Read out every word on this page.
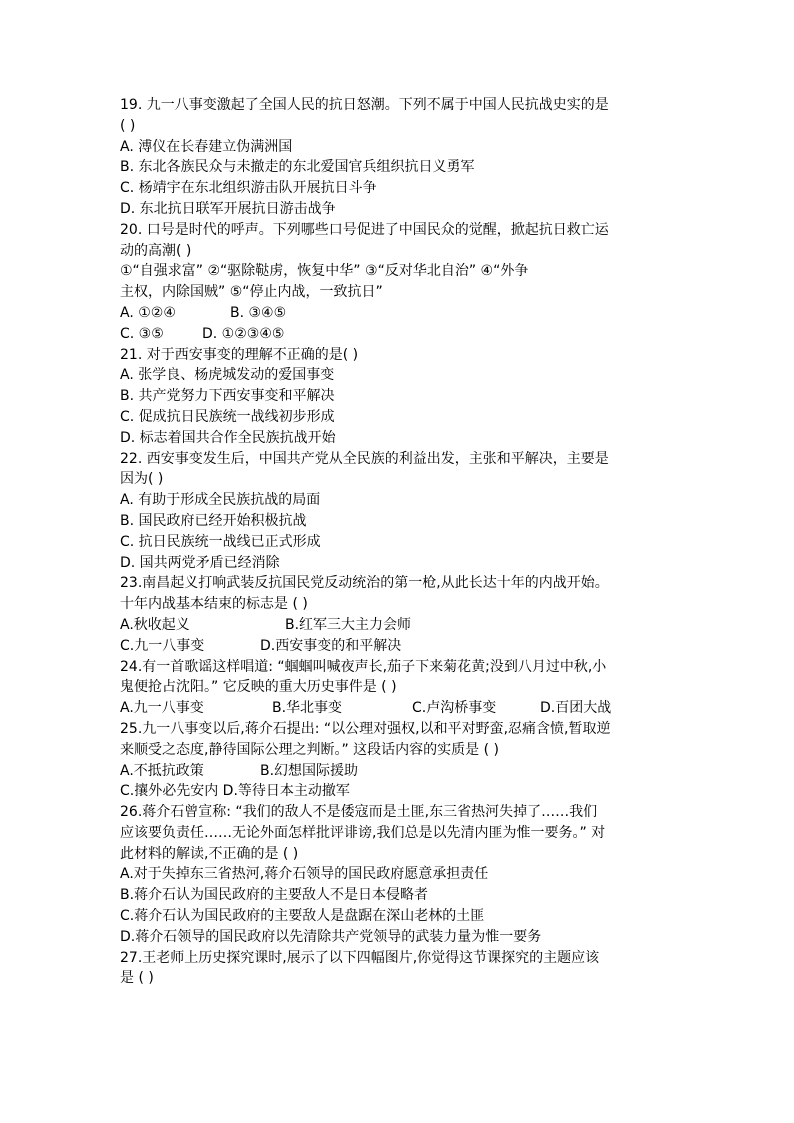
19. 九一八事变激起了全国人民的抗日怒潮。下列不属于中国人民抗战史实的是
( )
A. 溥仪在长春建立伪满洲国
B. 东北各族民众与未撤走的东北爱国官兵组织抗日义勇军
C. 杨靖宇在东北组织游击队开展抗日斗争
D. 东北抗日联军开展抗日游击战争
20. 口号是时代的呼声。下列哪些口号促进了中国民众的觉醒，掀起抗日救亡运
动的高潮( )
①“自强求富” ②“驱除鞑虏，恢复中华” ③“反对华北自治” ④“外争
主权，内除国贼” ⑤“停止内战，一致抗日”
A. ①②④	B. ③④⑤
C. ③⑤	D. ①②③④⑤
21. 对于西安事变的理解不正确的是( )
A. 张学良、杨虎城发动的爱国事变
B. 共产党努力下西安事变和平解决
C. 促成抗日民族统一战线初步形成
D. 标志着国共合作全民族抗战开始
22. 西安事变发生后，中国共产党从全民族的利益出发，主张和平解决，主要是
因为( )
A. 有助于形成全民族抗战的局面
B. 国民政府已经开始积极抗战
C. 抗日民族统一战线已正式形成
D. 国共两党矛盾已经消除
23.南昌起义打响武装反抗国民党反动统治的第一枪,从此长达十年的内战开始。
十年内战基本结束的标志是 ( )
A.秋收起义	B.红军三大主力会师
C.九一八事变	D.西安事变的和平解决
24.有一首歌谣这样唱道: “蝈蝈叫喊夜声长,茄子下来菊花黄;没到八月过中秋,小
鬼便抢占沈阳。” 它反映的重大历史事件是 ( )
A.九一八事变	B.华北事变	C.卢沟桥事变	D.百团大战
25.九一八事变以后,蒋介石提出: “以公理对强权,以和平对野蛮,忍痛含愤,暂取逆
来顺受之态度,静待国际公理之判断。” 这段话内容的实质是 ( )
A.不抵抗政策	B.幻想国际援助
C.攘外必先安内 D.等待日本主动撤军
26.蒋介石曾宣称: “我们的敌人不是倭寇而是土匪,东三省热河失掉了……我们
应该要负责任……无论外面怎样批评诽谤,我们总是以先清内匪为惟一要务。” 对
此材料的解读,不正确的是 ( )
A.对于失掉东三省热河,蒋介石领导的国民政府愿意承担责任
B.蒋介石认为国民政府的主要敌人不是日本侵略者
C.蒋介石认为国民政府的主要敌人是盘踞在深山老林的土匪
D.蒋介石领导的国民政府以先清除共产党领导的武装力量为惟一要务
27.王老师上历史探究课时,展示了以下四幅图片,你觉得这节课探究的主题应该
是 ( )
